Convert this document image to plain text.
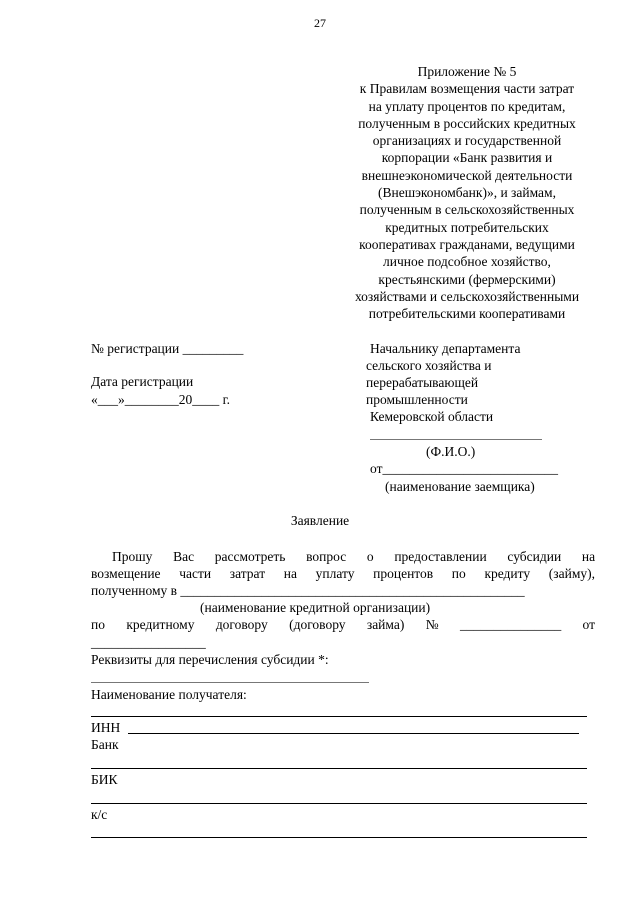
27
Приложение № 5
к Правилам возмещения части затрат
на уплату процентов по кредитам,
полученным в российских кредитных
организациях и государственной
корпорации «Банк развития и
внешнеэкономической деятельности
(Внешэкономбанк)», и займам,
полученным в сельскохозяйственных
кредитных потребительских
кооперативах гражданами, ведущими
личное подсобное хозяйство,
крестьянскими (фермерскими)
хозяйствами и сельскохозяйственными
потребительскими кооперативами
№ регистрации _________
Дата регистрации
«___»________20____ г.
Начальнику департамента
сельского хозяйства и
перерабатывающей
промышленности
Кемеровской области
(Ф.И.О.)
от__________________________
(наименование заемщика)
Заявление
Прошу Вас рассмотреть вопрос о предоставлении субсидии на
возмещение части затрат на уплату процентов по кредиту (займу),
полученному в ___________________________________________________
(наименование кредитной организации)
по кредитному договору (договору займа) № _______________ от
_________________
Реквизиты для перечисления субсидии *:
Наименование получателя:
ИНН
Банк
БИК
к/с
